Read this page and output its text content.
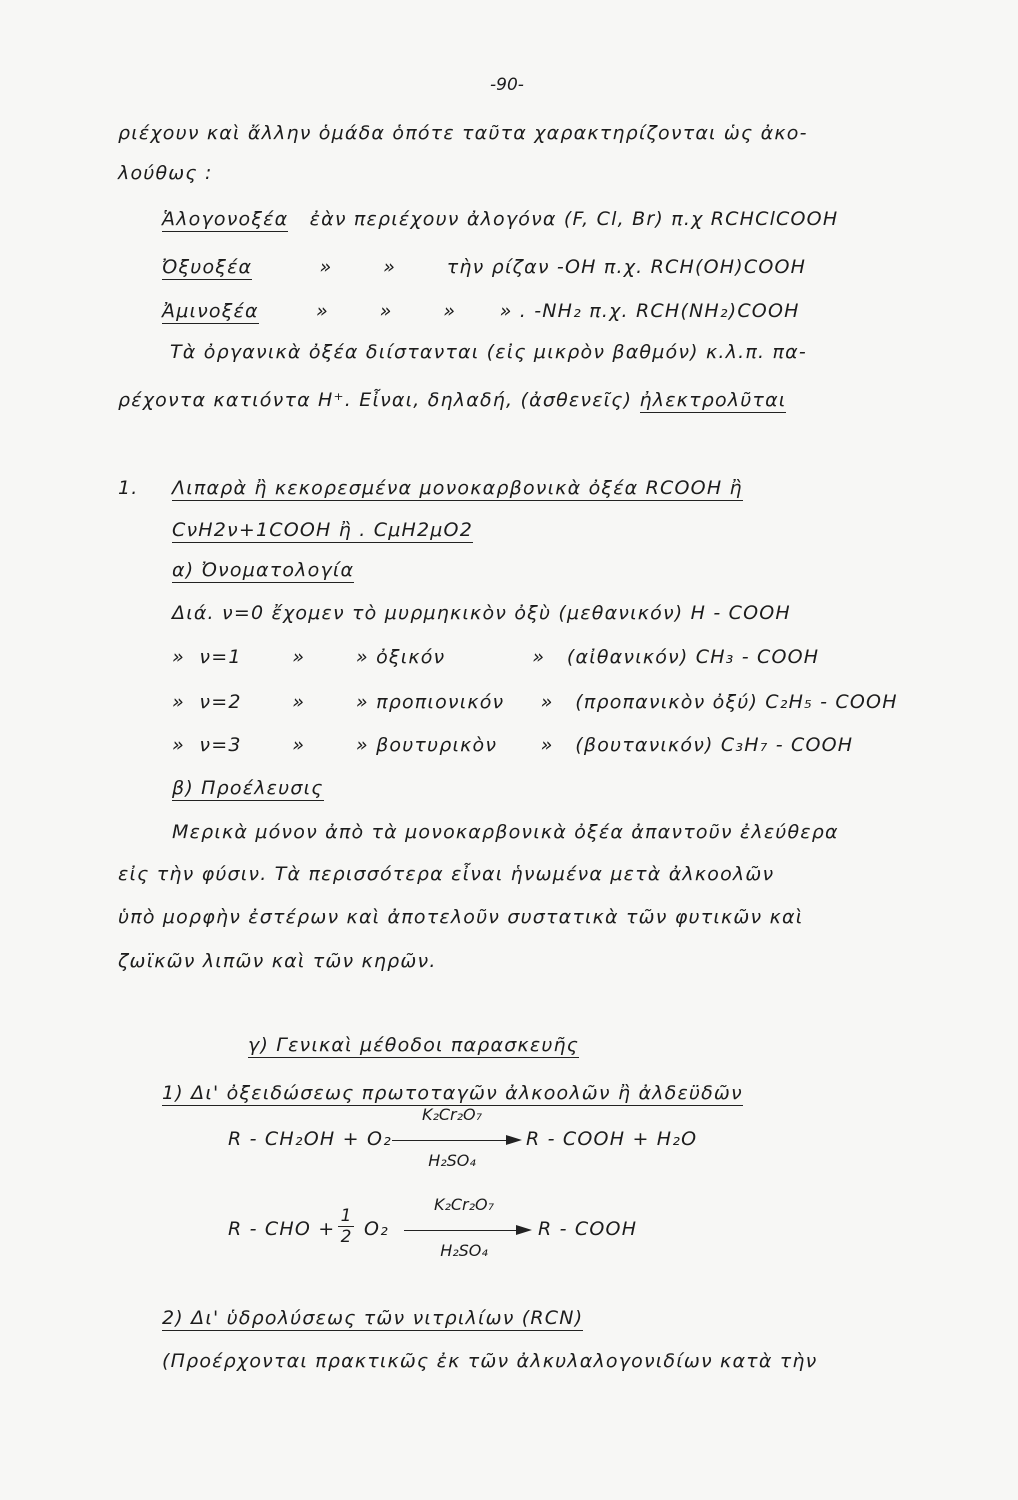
-90-
ριέχουν καὶ ἄλλην ὁμάδα ὁπότε ταῦτα χαρακτηρίζονται ὡς ἀκο-
λούθως :
Ἁλογονοξέα ἐὰν περιέχουν ἀλογόνα (F, Cl, Br) π.χ RCHClCOOH
Ὀξυοξέα	»       »       τὴν ρίζαν -OH π.χ. RCH(OH)COOH
Ἀμινοξέα	»       »       »      » . -NH₂ π.χ. RCH(NH₂)COOH
Τὰ ὀργανικὰ ὀξέα διίστανται (εἰς μικρὸν βαθμόν) κ.λ.π. πα-
ρέχοντα κατιόντα H⁺. Εἶναι, δηλαδή, (ἀσθενεῖς) ἠλεκτρολῦται
1. Λιπαρὰ ἢ κεκορεσμένα μονοκαρβονικὰ ὀξέα RCOOH ἢ
CνH2ν+1COOH ἢ . CμH2μO2
α) Ὀνοματολογία
Διά. ν=0 ἔχομεν τὸ μυρμηκικὸν ὀξὺ (μεθανικόν) H - COOH
»  ν=1       »       » ὀξικόν            »   (αἰθανικόν) CH₃ - COOH
»  ν=2       »       » προπιονικόν     »   (προπανικὸν ὀξύ) C₂H₅ - COOH
»  ν=3       »       » βουτυρικὸν      »   (βουτανικόν) C₃H₇ - COOH
β) Προέλευσις
Μερικὰ μόνον ἀπὸ τὰ μονοκαρβονικὰ ὀξέα ἀπαντοῦν ἐλεύθερα
εἰς τὴν φύσιν. Τὰ περισσότερα εἶναι ἡνωμένα μετὰ ἀλκοολῶν
ὑπὸ μορφὴν ἐστέρων καὶ ἀποτελοῦν συστατικὰ τῶν φυτικῶν καὶ
ζωϊκῶν λιπῶν καὶ τῶν κηρῶν.
γ) Γενικαὶ μέθοδοι παρασκευῆς
1) Δι' ὀξειδώσεως πρωτοταγῶν ἀλκοολῶν ἢ ἀλδεϋδῶν
R - CH₂OH + O₂
K₂Cr₂O₇
H₂SO₄
R - COOH + H₂O
R - CHO +
1
2 O₂
K₂Cr₂O₇
H₂SO₄
R - COOH
2) Δι' ὑδρολύσεως τῶν νιτριλίων (RCN)
(Προέρχονται πρακτικῶς ἐκ τῶν ἀλκυλαλογονιδίων κατὰ τὴν
